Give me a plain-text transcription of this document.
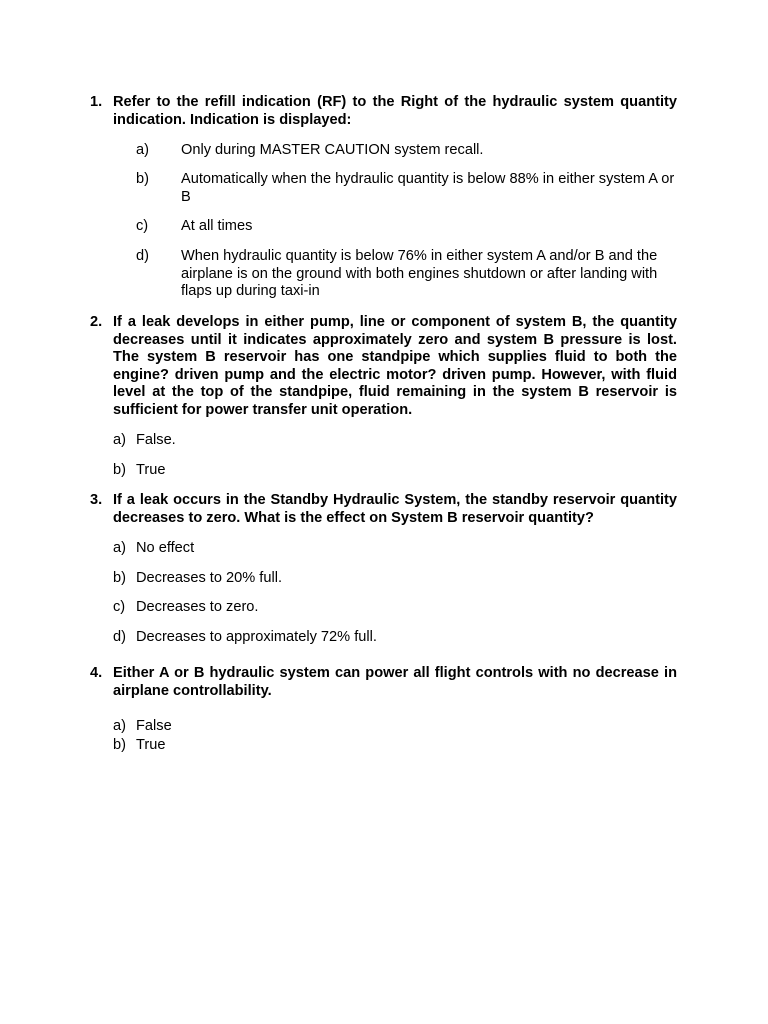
1. Refer to the refill indication (RF) to the Right of the hydraulic system quantity indication. Indication is displayed:
a)	Only during MASTER CAUTION system recall.
b)	Automatically when the hydraulic quantity is below 88% in either system A or B
c)	At all times
d)	When hydraulic quantity is below 76% in either system A and/or B and the airplane is on the ground with both engines shutdown or after landing with flaps up during taxi-in
2. If a leak develops in either pump, line or component of system B, the quantity decreases until it indicates approximately zero and system B pressure is lost. The system B reservoir has one standpipe which supplies fluid to both the engine? driven pump and the electric motor? driven pump. However, with fluid level at the top of the standpipe, fluid remaining in the system B reservoir is sufficient for power transfer unit operation.
a) False.
b) True
3. If a leak occurs in the Standby Hydraulic System, the standby reservoir quantity decreases to zero. What is the effect on System B reservoir quantity?
a) No effect
b) Decreases to 20% full.
c) Decreases to zero.
d) Decreases to approximately 72% full.
4. Either A or B hydraulic system can power all flight controls with no decrease in airplane controllability.
a) False
b) True
